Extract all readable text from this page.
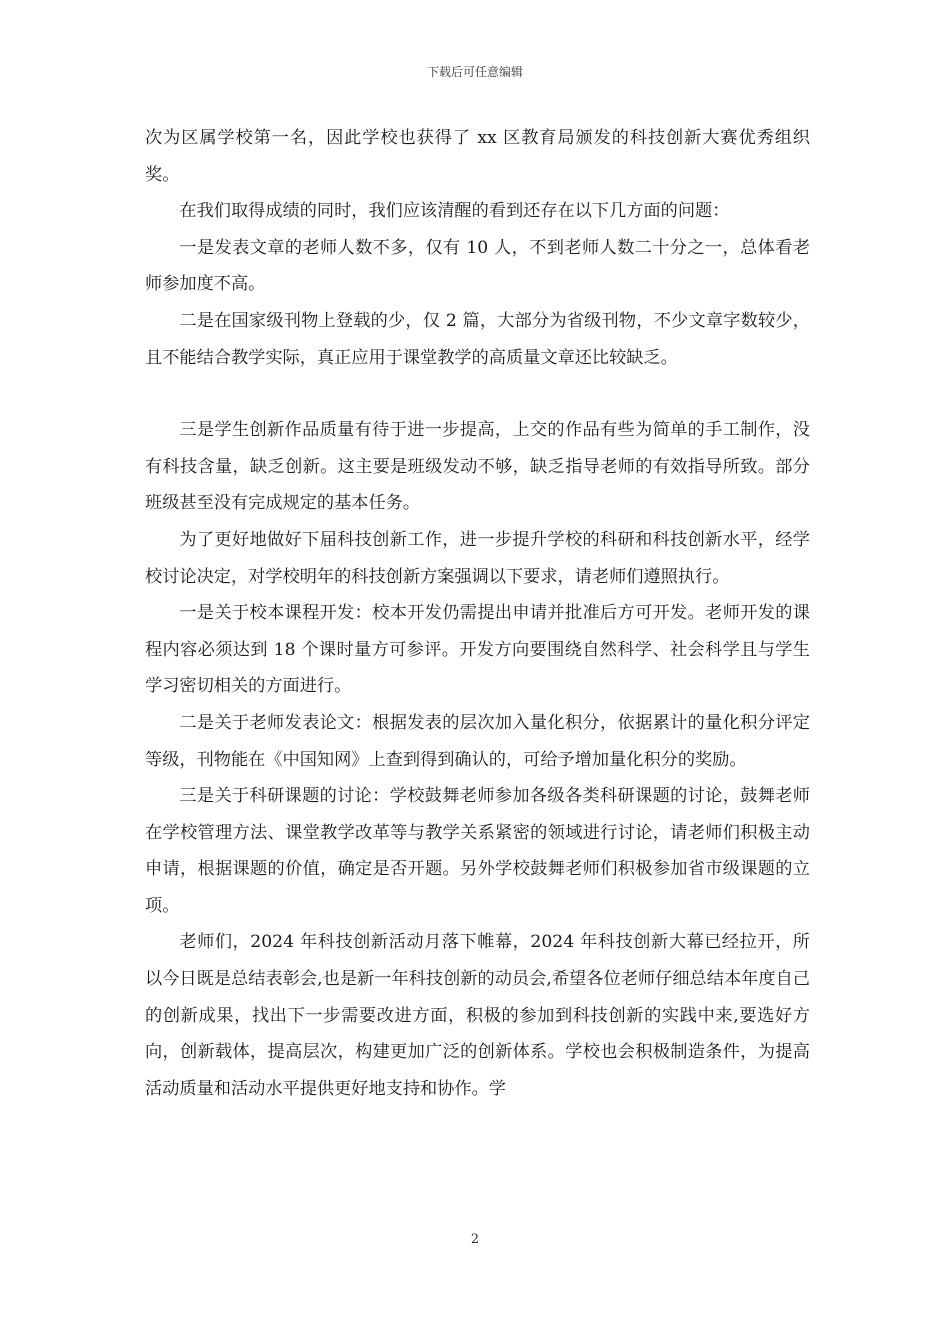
下载后可任意编辑

次为区属学校第一名，因此学校也获得了 xx 区教育局颁发的科技创新大赛优秀组织奖。

在我们取得成绩的同时，我们应该清醒的看到还存在以下几方面的问题：

一是发表文章的老师人数不多，仅有 10 人，不到老师人数二十分之一，总体看老师参加度不高。

二是在国家级刊物上登载的少，仅 2 篇，大部分为省级刊物，不少文章字数较少，且不能结合教学实际，真正应用于课堂教学的高质量文章还比较缺乏。

三是学生创新作品质量有待于进一步提高，上交的作品有些为简单的手工制作，没有科技含量，缺乏创新。这主要是班级发动不够，缺乏指导老师的有效指导所致。部分班级甚至没有完成规定的基本任务。

为了更好地做好下届科技创新工作，进一步提升学校的科研和科技创新水平，经学校讨论决定，对学校明年的科技创新方案强调以下要求，请老师们遵照执行。

一是关于校本课程开发：校本开发仍需提出申请并批准后方可开发。老师开发的课程内容必须达到 18 个课时量方可参评。开发方向要围绕自然科学、社会科学且与学生学习密切相关的方面进行。

二是关于老师发表论文：根据发表的层次加入量化积分，依据累计的量化积分评定等级，刊物能在《中国知网》上查到得到确认的，可给予增加量化积分的奖励。

三是关于科研课题的讨论：学校鼓舞老师参加各级各类科研课题的讨论，鼓舞老师在学校管理方法、课堂教学改革等与教学关系紧密的领域进行讨论，请老师们积极主动申请，根据课题的价值，确定是否开题。另外学校鼓舞老师们积极参加省市级课题的立项。

老师们，2024 年科技创新活动月落下帷幕，2024 年科技创新大幕已经拉开，所以今日既是总结表彰会,也是新一年科技创新的动员会,希望各位老师仔细总结本年度自己的创新成果，找出下一步需要改进方面，积极的参加到科技创新的实践中来,要选好方向，创新载体，提高层次，构建更加广泛的创新体系。学校也会积极制造条件，为提高活动质量和活动水平提供更好地支持和协作。学

2
